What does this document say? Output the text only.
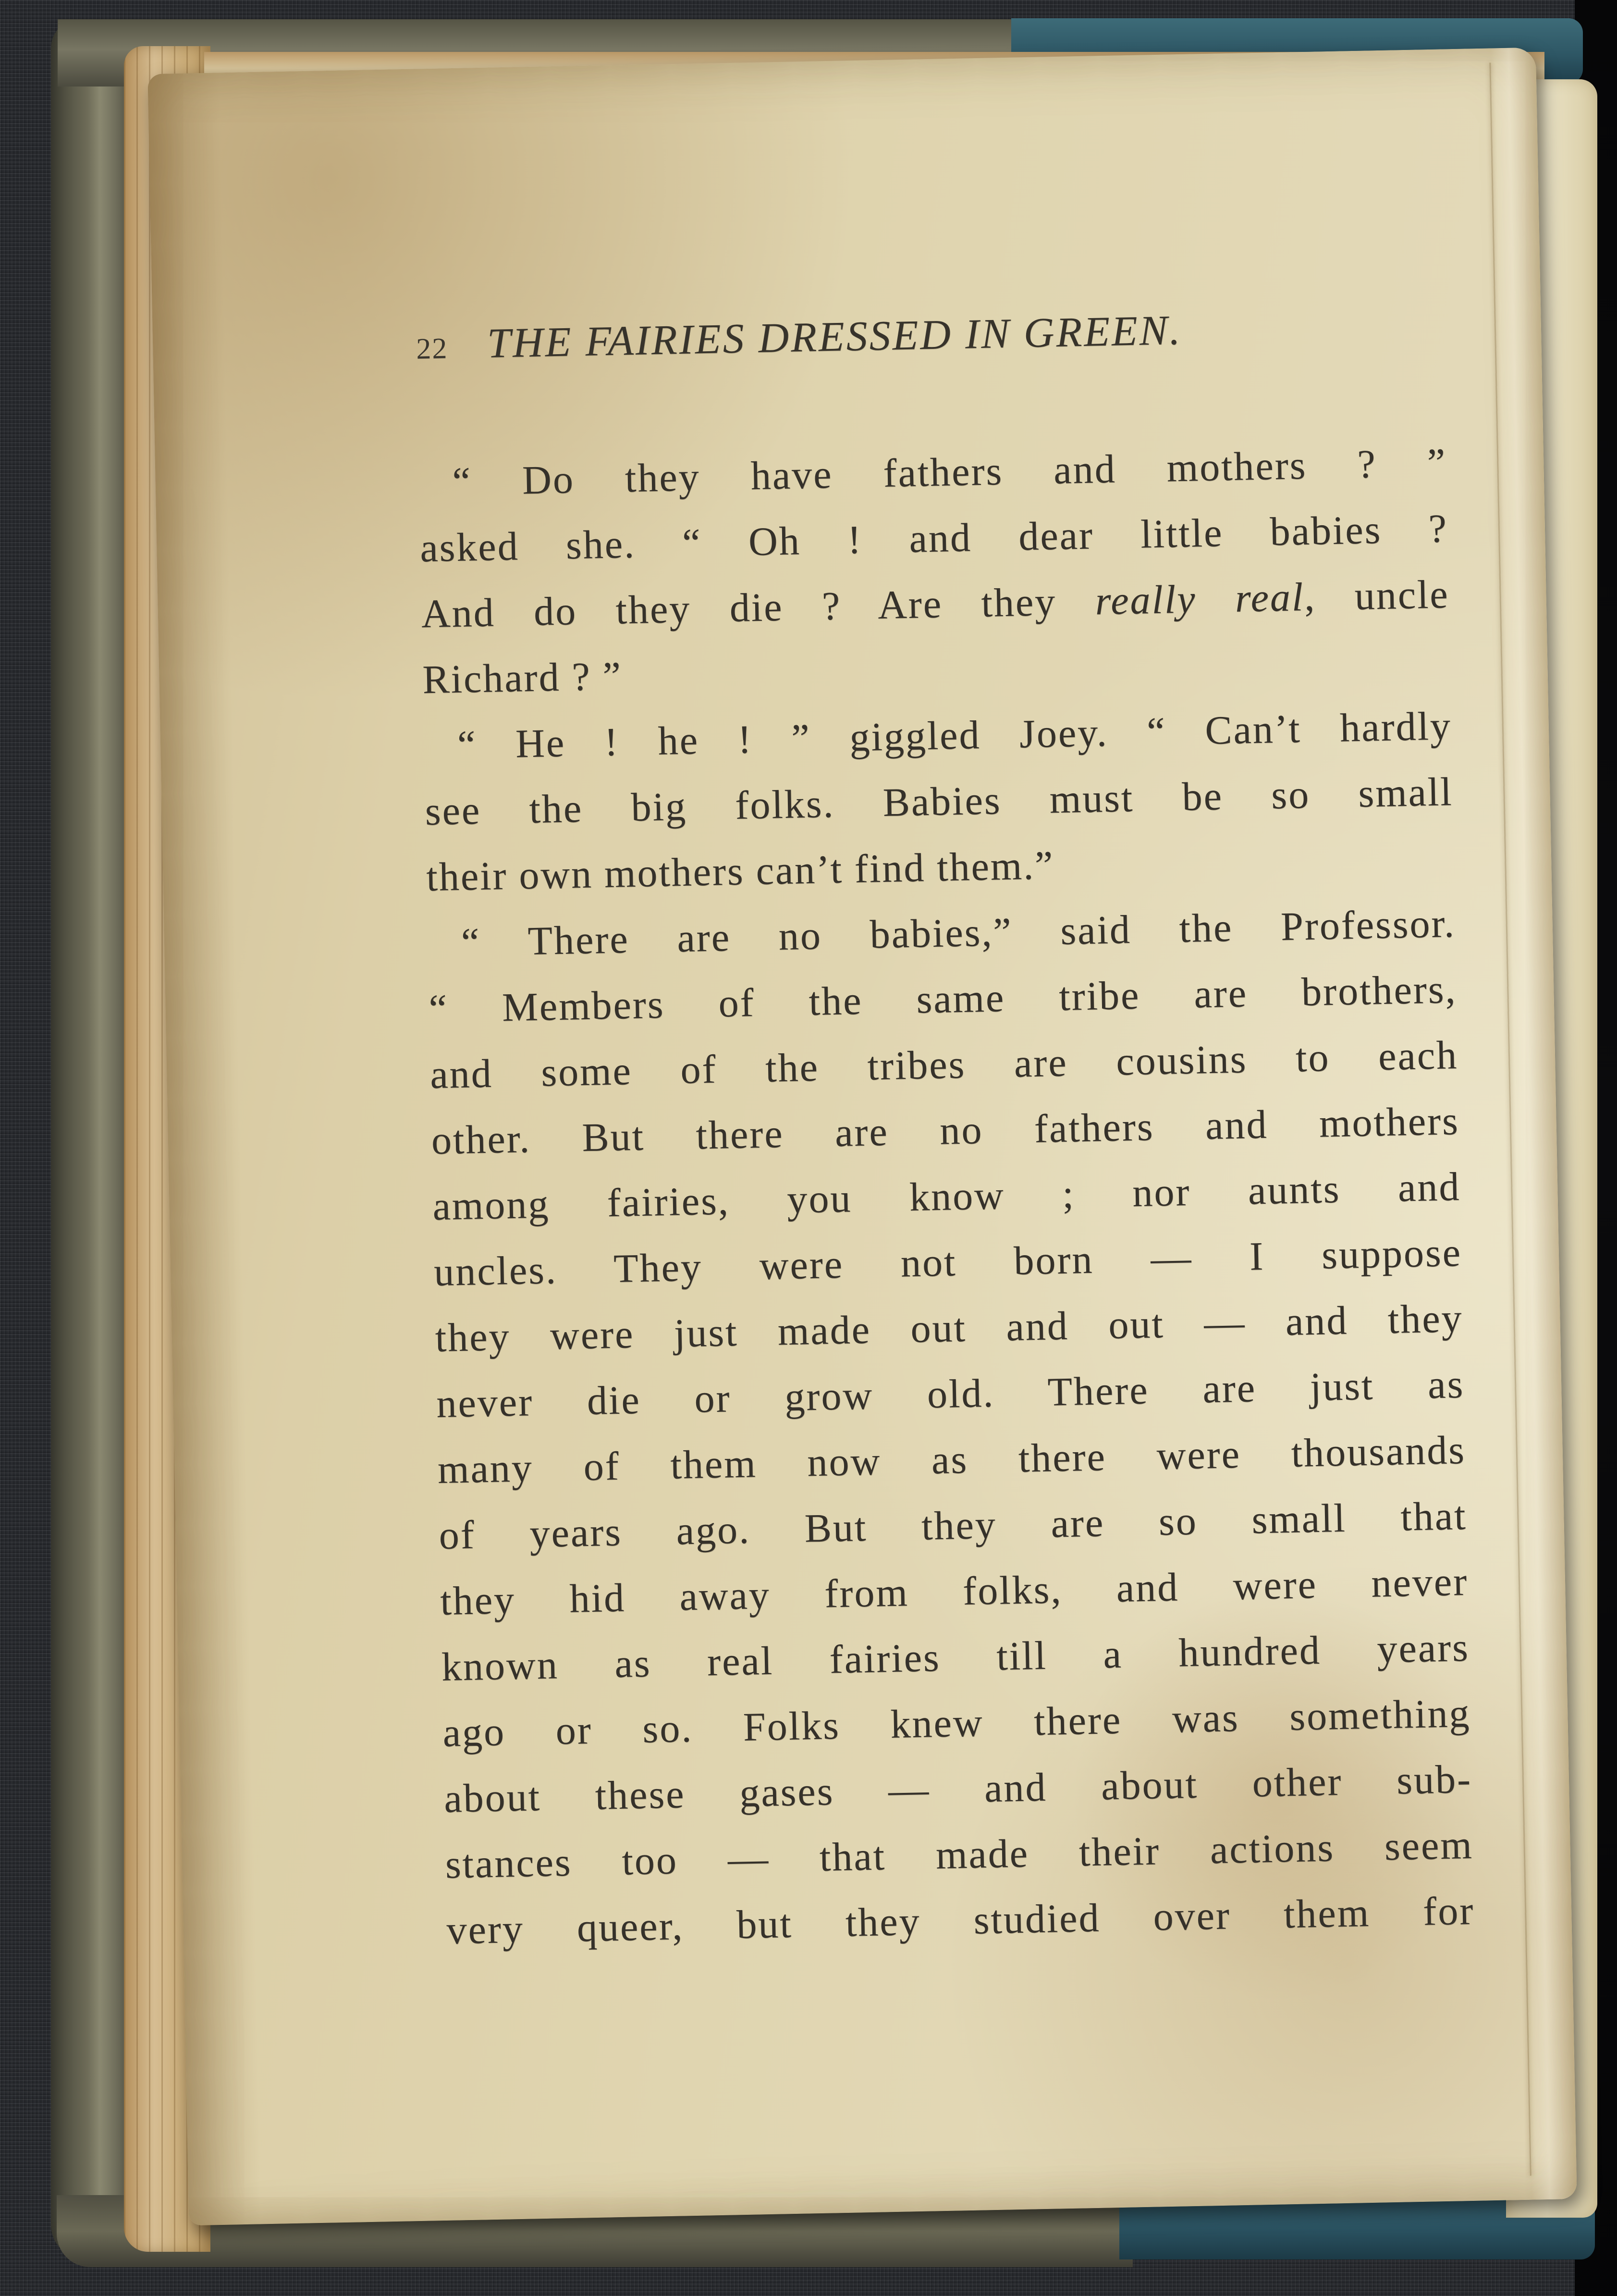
22 THE FAIRIES DRESSED IN GREEN.
“ Do they have fathers and mothers ? ”
asked she. “ Oh ! and dear little babies ?
And do they die ? Are they really real, uncle
Richard ? ”
“ He ! he ! ” giggled Joey. “ Can’t hardly
see the big folks. Babies must be so small
their own mothers can’t find them.”
“ There are no babies,” said the Professor.
“ Members of the same tribe are brothers,
and some of the tribes are cousins to each
other. But there are no fathers and mothers
among fairies, you know ; nor aunts and
uncles. They were not born — I suppose
they were just made out and out — and they
never die or grow old. There are just as
many of them now as there were thousands
of years ago. But they are so small that
they hid away from folks, and were never
known as real fairies till a hundred years
ago or so. Folks knew there was something
about these gases — and about other sub-
stances too — that made their actions seem
very queer, but they studied over them for
